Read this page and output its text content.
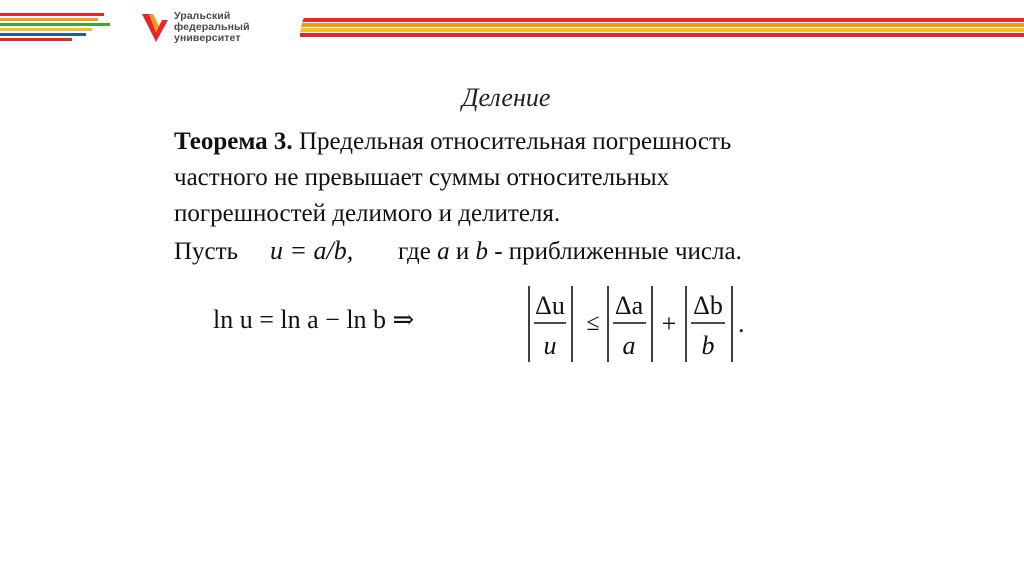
Уральский
федеральный
университет
Деление
Теорема 3. Предельная относительная погрешность
частного не превышает суммы относительных
погрешностей делимого и делителя.
Пусть u = a/b, где a и b - приближенные числа.
ln u = ln a − ln b ⇒	Δu
u
≤
Δa
a
+
Δb
b
.
